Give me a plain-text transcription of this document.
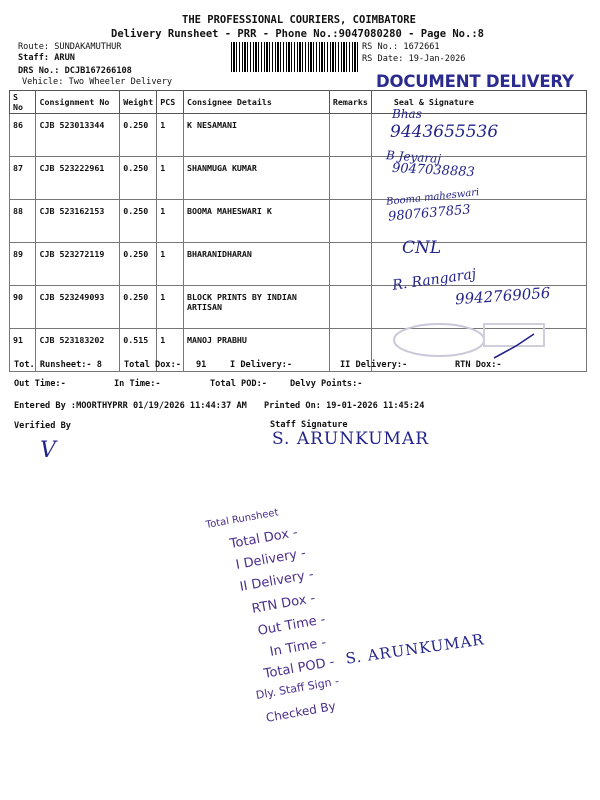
THE PROFESSIONAL COURIERS, COIMBATORE
Delivery Runsheet - PRR - Phone No.:9047080280 - Page No.:8
Route: SUNDAKAMUTHUR
Staff: ARUN
DRS No.: DCJB167266108
Vehicle: Two Wheeler Delivery
RS No.: 1672661
RS Date: 19-Jan-2026
DOCUMENT DELIVERY
S No	Consignment No	Weight	PCS	Consignee Details	Remarks	Seal & Signature
86	CJB 523013344	0.250	1	K NESAMANI		
87	CJB 523222961	0.250	1	SHANMUGA KUMAR		
88	CJB 523162153	0.250	1	BOOMA MAHESWARI K		
89	CJB 523272119	0.250	1	BHARANIDHARAN		
90	CJB 523249093	0.250	1	BLOCK PRINTS BY INDIAN ARTISAN		
91	CJB 523183202	0.515	1	MANOJ PRABHU		
Bhas
9443655536
B Jeyaraj
9047038883
Booma maheswari
9807637853
CNL
R. Rangaraj
9942769056
Tot. Runsheet:- 8	Total Dox:- 91	I Delivery:-	II Delivery:-	RTN Dox:-
Out Time:-	In Time:-	Total POD:-	Delvy Points:-
Entered By :MOORTHYPRR 01/19/2026 11:44:37 AM Printed On: 19-01-2026 11:45:24
Verified By	Staff Signature
V	S. ARUNKUMAR
Total Runsheet
Total Dox -
I Delivery -
II Delivery -
RTN Dox -
Out Time -
In Time -
Total POD -
Dly. Staff Sign -
Checked By
S. ARUNKUMAR
